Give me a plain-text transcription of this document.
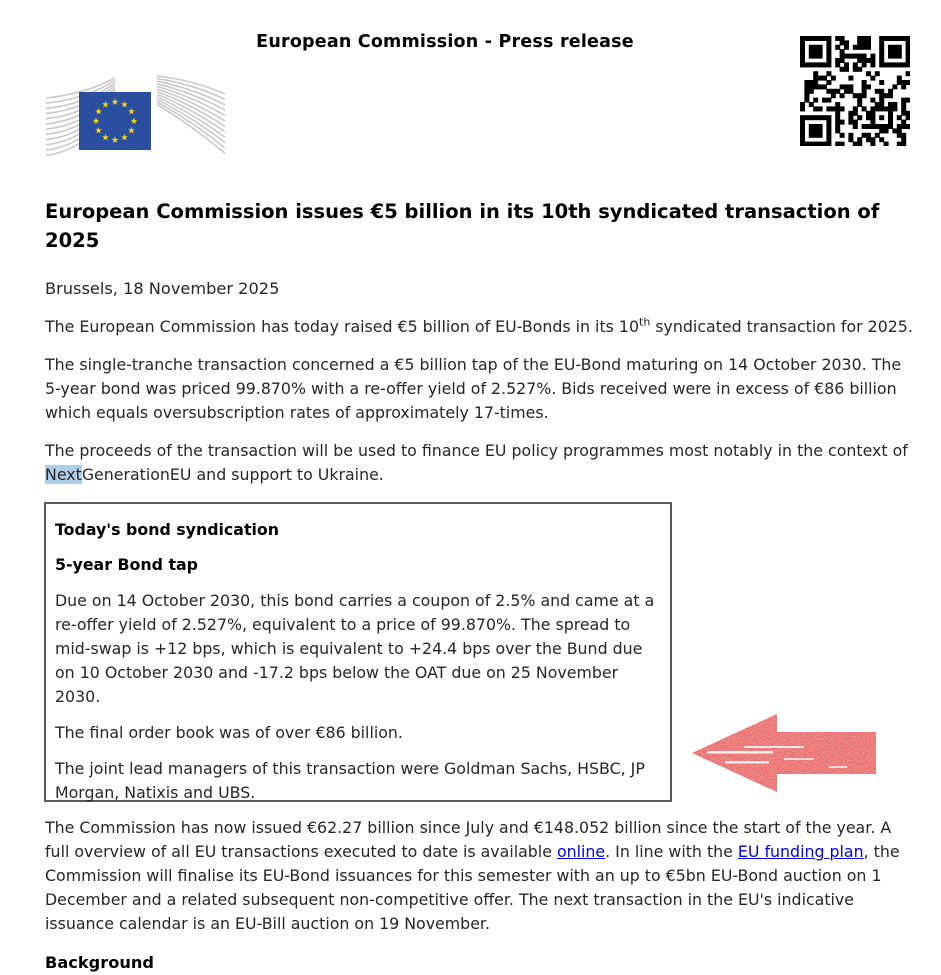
European Commission - Press release
European Commission issues €5 billion in its 10th syndicated transaction of 2025

Brussels, 18 November 2025

The European Commission has today raised €5 billion of EU-Bonds in its 10th syndicated transaction for 2025.

The single-tranche transaction concerned a €5 billion tap of the EU-Bond maturing on 14 October 2030. The 5-year bond was priced 99.870% with a re-offer yield of 2.527%. Bids received were in excess of €86 billion which equals oversubscription rates of approximately 17-times.

The proceeds of the transaction will be used to finance EU policy programmes most notably in the context of NextGenerationEU and support to Ukraine.

Today's bond syndication

5-year Bond tap

Due on 14 October 2030, this bond carries a coupon of 2.5% and came at a re-offer yield of 2.527%, equivalent to a price of 99.870%. The spread to mid-swap is +12 bps, which is equivalent to +24.4 bps over the Bund due on 10 October 2030 and -17.2 bps below the OAT due on 25 November 2030.

The final order book was of over €86 billion.

The joint lead managers of this transaction were Goldman Sachs, HSBC, JP Morgan, Natixis and UBS.

The Commission has now issued €62.27 billion since July and €148.052 billion since the start of the year. A full overview of all EU transactions executed to date is available online. In line with the EU funding plan, the Commission will finalise its EU-Bond issuances for this semester with an up to €5bn EU-Bond auction on 1 December and a related subsequent non-competitive offer. The next transaction in the EU's indicative issuance calendar is an EU-Bill auction on 19 November.

Background
